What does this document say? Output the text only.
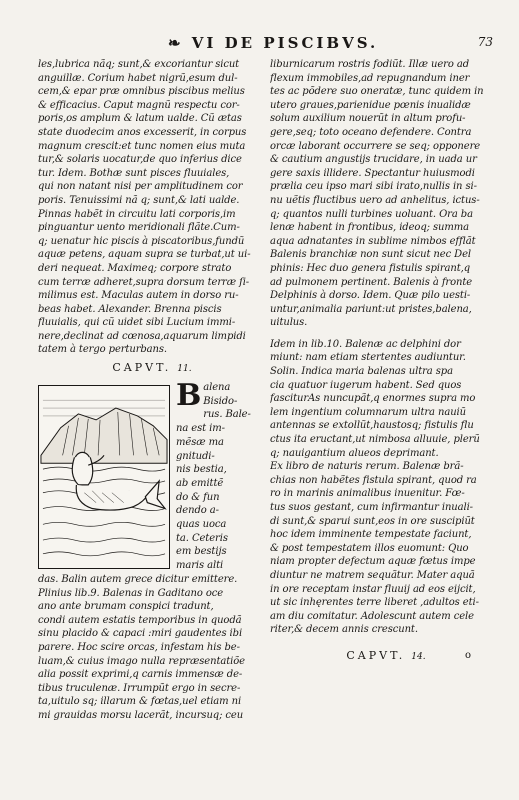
❧ VI DE PISCIBVS.	73
les,lubrica nãq; sunt,& excoriantur sicut
anguillæ. Corium habet nigrũ,esum dul-
cem,& epar præ omnibus piscibus melius
& efficacius. Caput magnũ respectu cor-
poris,os amplum & latum ualde. Cũ ætas
state duodecim anos excesserit, in corpus
magnum crescit:et tunc nomen eius muta
tur,& solaris uocatur,de quo inferius dice
tur. Idem. Bothæ sunt pisces fluuiales,
qui non natant nisi per amplitudinem cor
poris. Tenuissimi nã q; sunt,& lati ualde.
Pinnas habẽt in circuitu lati corporis,im
pinguantur uento meridionali flãte.Cum-
q; uenatur hic piscis à piscatoribus,fundũ
aquæ petens, aquam supra se turbat,ut ui-
deri nequeat. Maximeq; corpore strato
cum terræ adheret,supra dorsum terræ ſi-
milimus est. Maculas autem in dorso ru-
beas habet. Alexander. Brenna piscis
fluuialis, qui cũ uidet sibi Lucium immi-
nere,declinat ad cœnosa,aquarum limpidi
tatem à tergo perturbans.
CAPVT. 11.
B alena
Bisido-
rus. Bale-
na est im-
mẽsæ ma
gnitudi-
nis bestia,
ab emittẽ
do & fun
dendo a-
quas uoca
ta. Ceteris
em bestijs
maris alti
das. Balin autem grece dicitur emittere.
Plinius lib.9. Balenas in Gaditano oce
ano ante brumam conspici tradunt,
condi autem estatis temporibus in quodã
sinu placido & capaci :miri gaudentes ibi
parere. Hoc scire orcas, infestam his be-
luam,& cuius imago nulla repræsentatiõe
alia possit exprimi,q carnis immensæ de-
tibus truculenæ. Irrumpũt ergo in secre-
ta,uitulo sq; illarum & fœtas,uel etiam ni
mi grauidas morsu lacerãt, incursuq; ceu
liburnicarum rostris fodiũt. Illæ uero ad
flexum immobiles,ad repugnandum iner
tes ac põdere suo oneratæ, tunc quidem in
utero graues,parienidue pœnis inualidæ
solum auxilium nouerũt in altum profu-
gere,seq; toto oceano defendere. Contra
orcæ laborant occurrere se seq; opponere
& cautium angustijs trucidare, in uada ur
gere saxis illidere. Spectantur huiusmodi
prælia ceu ipso mari sibi irato,nullis in si-
nu uẽtis fluctibus uero ad anhelitus, ictus-
q; quantos nulli turbines uoluant. Ora ba
lenæ habent in frontibus, ideoq; summa
aqua adnatantes in sublime nimbos efflãt
Balenis branchiæ non sunt sicut nec Del
phinis: Hec duo genera fistulis spirant,q
ad pulmonem pertinent. Balenis à fronte
Delphinis à dorso. Idem. Quæ pilo uesti-
untur,animalia pariunt:ut pristes,balena,
uitulus.
Idem in lib.10. Balenæ ac delphini dor
miunt: nam etiam stertentes audiuntur.
Solin. Indica maria balenas ultra spa
cia quatuor iugerum habent. Sed quos
fasciturAs nuncupãt,q enormes supra mo
lem ingentium columnarum ultra nauiũ
antennas se extollũt,haustosq; fistulis flu
ctus ita eructant,ut nimbosa alluuie, plerũ
q; nauigantium alueos deprimant.
Ex libro de naturis rerum. Balenæ brã-
chias non habẽtes fistula spirant, quod ra
ro in marinis animalibus inuenitur. Fœ-
tus suos gestant, cum infirmantur inuali-
di sunt,& sparui sunt,eos in ore suscipiũt
hoc idem imminente tempestate faciunt,
& post tempestatem illos euomunt: Quo
niam propter defectum aquæ fœtus impe
diuntur ne matrem sequãtur. Mater aquã
in ore receptam instar fluuij ad eos eijcit,
ut sic inhęrentes terre liberet ,adultos eti-
am diu comitatur. Adolescunt autem cele
riter,& decem annis crescunt.
CAPVT. 14.	o
